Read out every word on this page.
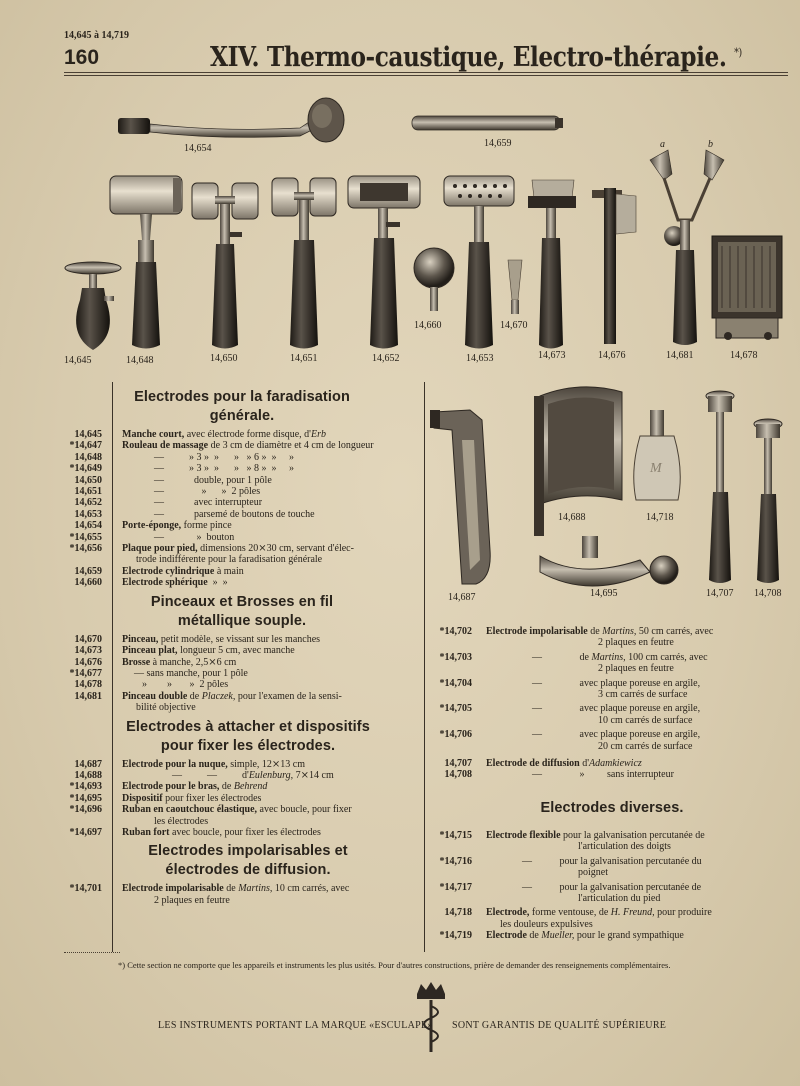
14,645 à 14,719
160	XIV. Thermo-caustique, Electro-thérapie. *)
M
14,654	14,659
14,645	14,648	14,650	14,651	14,652
14,660
14,653
14,670
14,673	14,676	14,681	14,678
a	b
14,688	14,718
14,687	14,695	14,707 14,708
Electrodes pour la faradisation générale.
14,645 Manche court, avec électrode forme disque, d'Erb
*14,647 Rouleau de massage de 3 cm de diamètre et 4 cm de longueur
14,648	—          » 3 »  »      »   » 6 »  »     »
*14,649	—          » 3 »  »      »   » 8 »  »     »
14,650	—            double, pour 1 pôle
14,651	—               »      »  2 pôles
14,652	—            avec interrupteur
14,653	—            parsemé de boutons de touche
14,654 Porte-éponge, forme pince
*14,655	—             »  bouton
*14,656 Plaque pour pied, dimensions 20⨯30 cm, servant d'élec-
trode indifférente pour la faradisation générale
14,659 Electrode cylindrique à main
14,660 Electrode sphérique  »  »
Pinceaux et Brosses en fil métallique souple.
14,670 Pinceau, petit modèle, se vissant sur les manches
14,673 Pinceau plat, longueur 5 cm, avec manche
14,676 Brosse à manche, 2,5⨯6 cm
*14,677	— sans manche, pour 1 pôle
14,678	»        »       »  2 pôles
14,681 Pinceau double de Placzek, pour l'examen de la sensi-
bilité objective
Electrodes à attacher et dispositifs pour fixer les électrodes.
14,687 Electrode pour la nuque, simple, 12⨯13 cm
14,688	—          —          d'Eulenburg, 7⨯14 cm
*14,693 Electrode pour le bras, de Behrend
*14,695 Dispositif pour fixer les électrodes
*14,696 Ruban en caoutchouc élastique, avec boucle, pour fixer
les électrodes
*14,697 Ruban fort avec boucle, pour fixer les électrodes
Electrodes impolarisables et électrodes de diffusion.
*14,701 Electrode impolarisable de Martins, 10 cm carrés, avec
2 plaques en feutre
*14,702 Electrode impolarisable de Martins, 50 cm carrés, avec
2 plaques en feutre
*14,703	—               de Martins, 100 cm carrés, avec
2 plaques en feutre
*14,704	—               avec plaque poreuse en argile,
3 cm carrés de surface
*14,705	—               avec plaque poreuse en argile,
10 cm carrés de surface
*14,706	—               avec plaque poreuse en argile,
20 cm carrés de surface
14,707 Electrode de diffusion d'Adamkiewicz
14,708	—               »         sans interrupteur
Electrodes diverses.
*14,715 Electrode flexible pour la galvanisation percutanée de
l'articulation des doigts
*14,716	—           pour la galvanisation percutanée du
poignet
*14,717	—           pour la galvanisation percutanée de
l'articulation du pied
14,718 Electrode, forme ventouse, de H. Freund, pour produire
les douleurs expulsives
*14,719 Electrode de Mueller, pour le grand sympathique
*) Cette section ne comporte que les appareils et instruments les plus usités. Pour d'autres constructions, prière de demander des renseignements complémentaires.
LES INSTRUMENTS PORTANT LA MARQUE «ESCULAPE» SONT GARANTIS DE QUALITÉ SUPÉRIEURE
